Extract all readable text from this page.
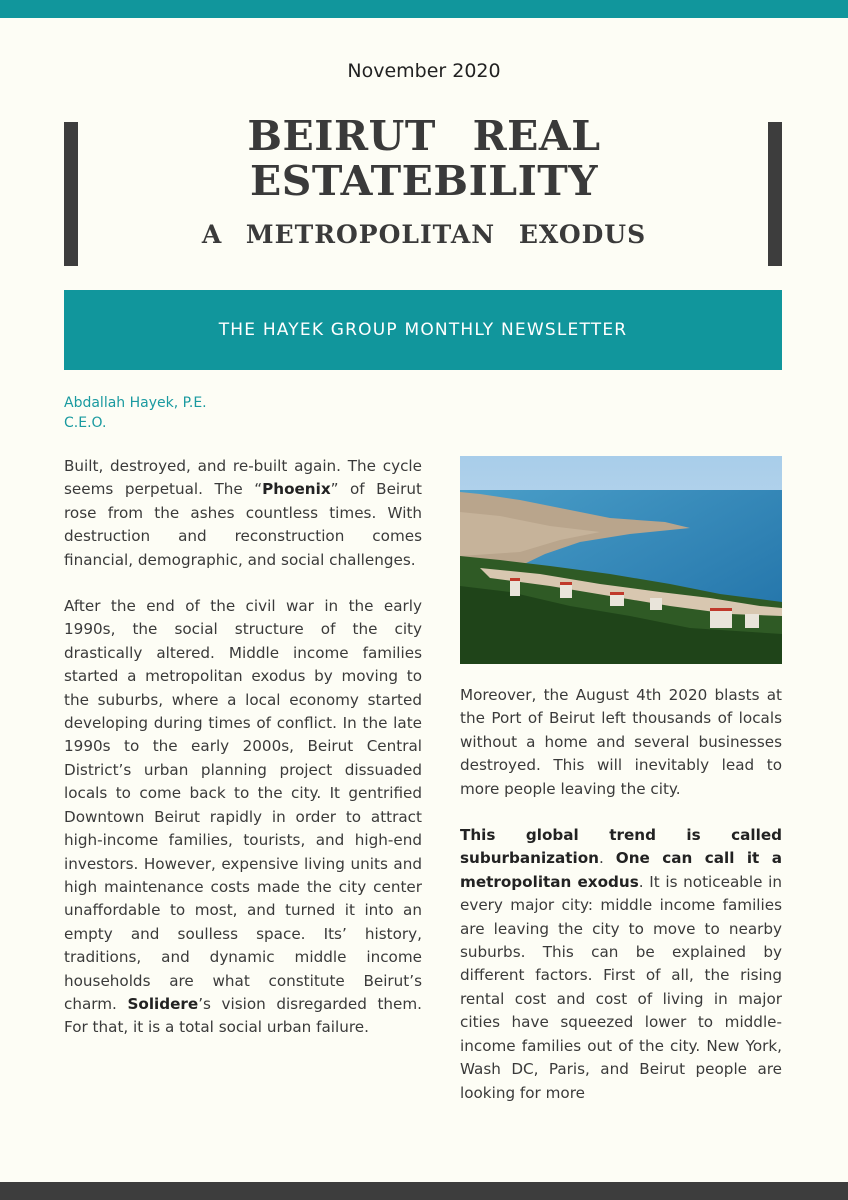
November 2020
BEIRUT REAL ESTATEBILITY
A METROPOLITAN EXODUS
THE HAYEK GROUP MONTHLY NEWSLETTER
Abdallah Hayek, P.E.
C.E.O.

Built, destroyed, and re-built again. The cycle seems perpetual. The “Phoenix” of Beirut rose from the ashes countless times. With destruction and reconstruction comes financial, demographic, and social challenges.

After the end of the civil war in the early 1990s, the social structure of the city drastically altered. Middle income families started a metropolitan exodus by moving to the suburbs, where a local economy started developing during times of conflict. In the late 1990s to the early 2000s, Beirut Central District’s urban planning project dissuaded locals to come back to the city. It gentrified Downtown Beirut rapidly in order to attract high-income families, tourists, and high-end investors. However, expensive living units and high maintenance costs made the city center unaffordable to most, and turned it into an empty and soulless space. Its’ history, traditions, and dynamic middle income households are what constitute Beirut’s charm. Solidere’s vision disregarded them. For that, it is a total social urban failure.

Moreover, the August 4th 2020 blasts at the Port of Beirut left thousands of locals without a home and several businesses destroyed. This will inevitably lead to more people leaving the city.

This global trend is called suburbanization. One can call it a metropolitan exodus. It is noticeable in every major city: middle income families are leaving the city to move to nearby suburbs. This can be explained by different factors. First of all, the rising rental cost and cost of living in major cities have squeezed lower to middle-income families out of the city. New York, Wash DC, Paris, and Beirut people are looking for more
